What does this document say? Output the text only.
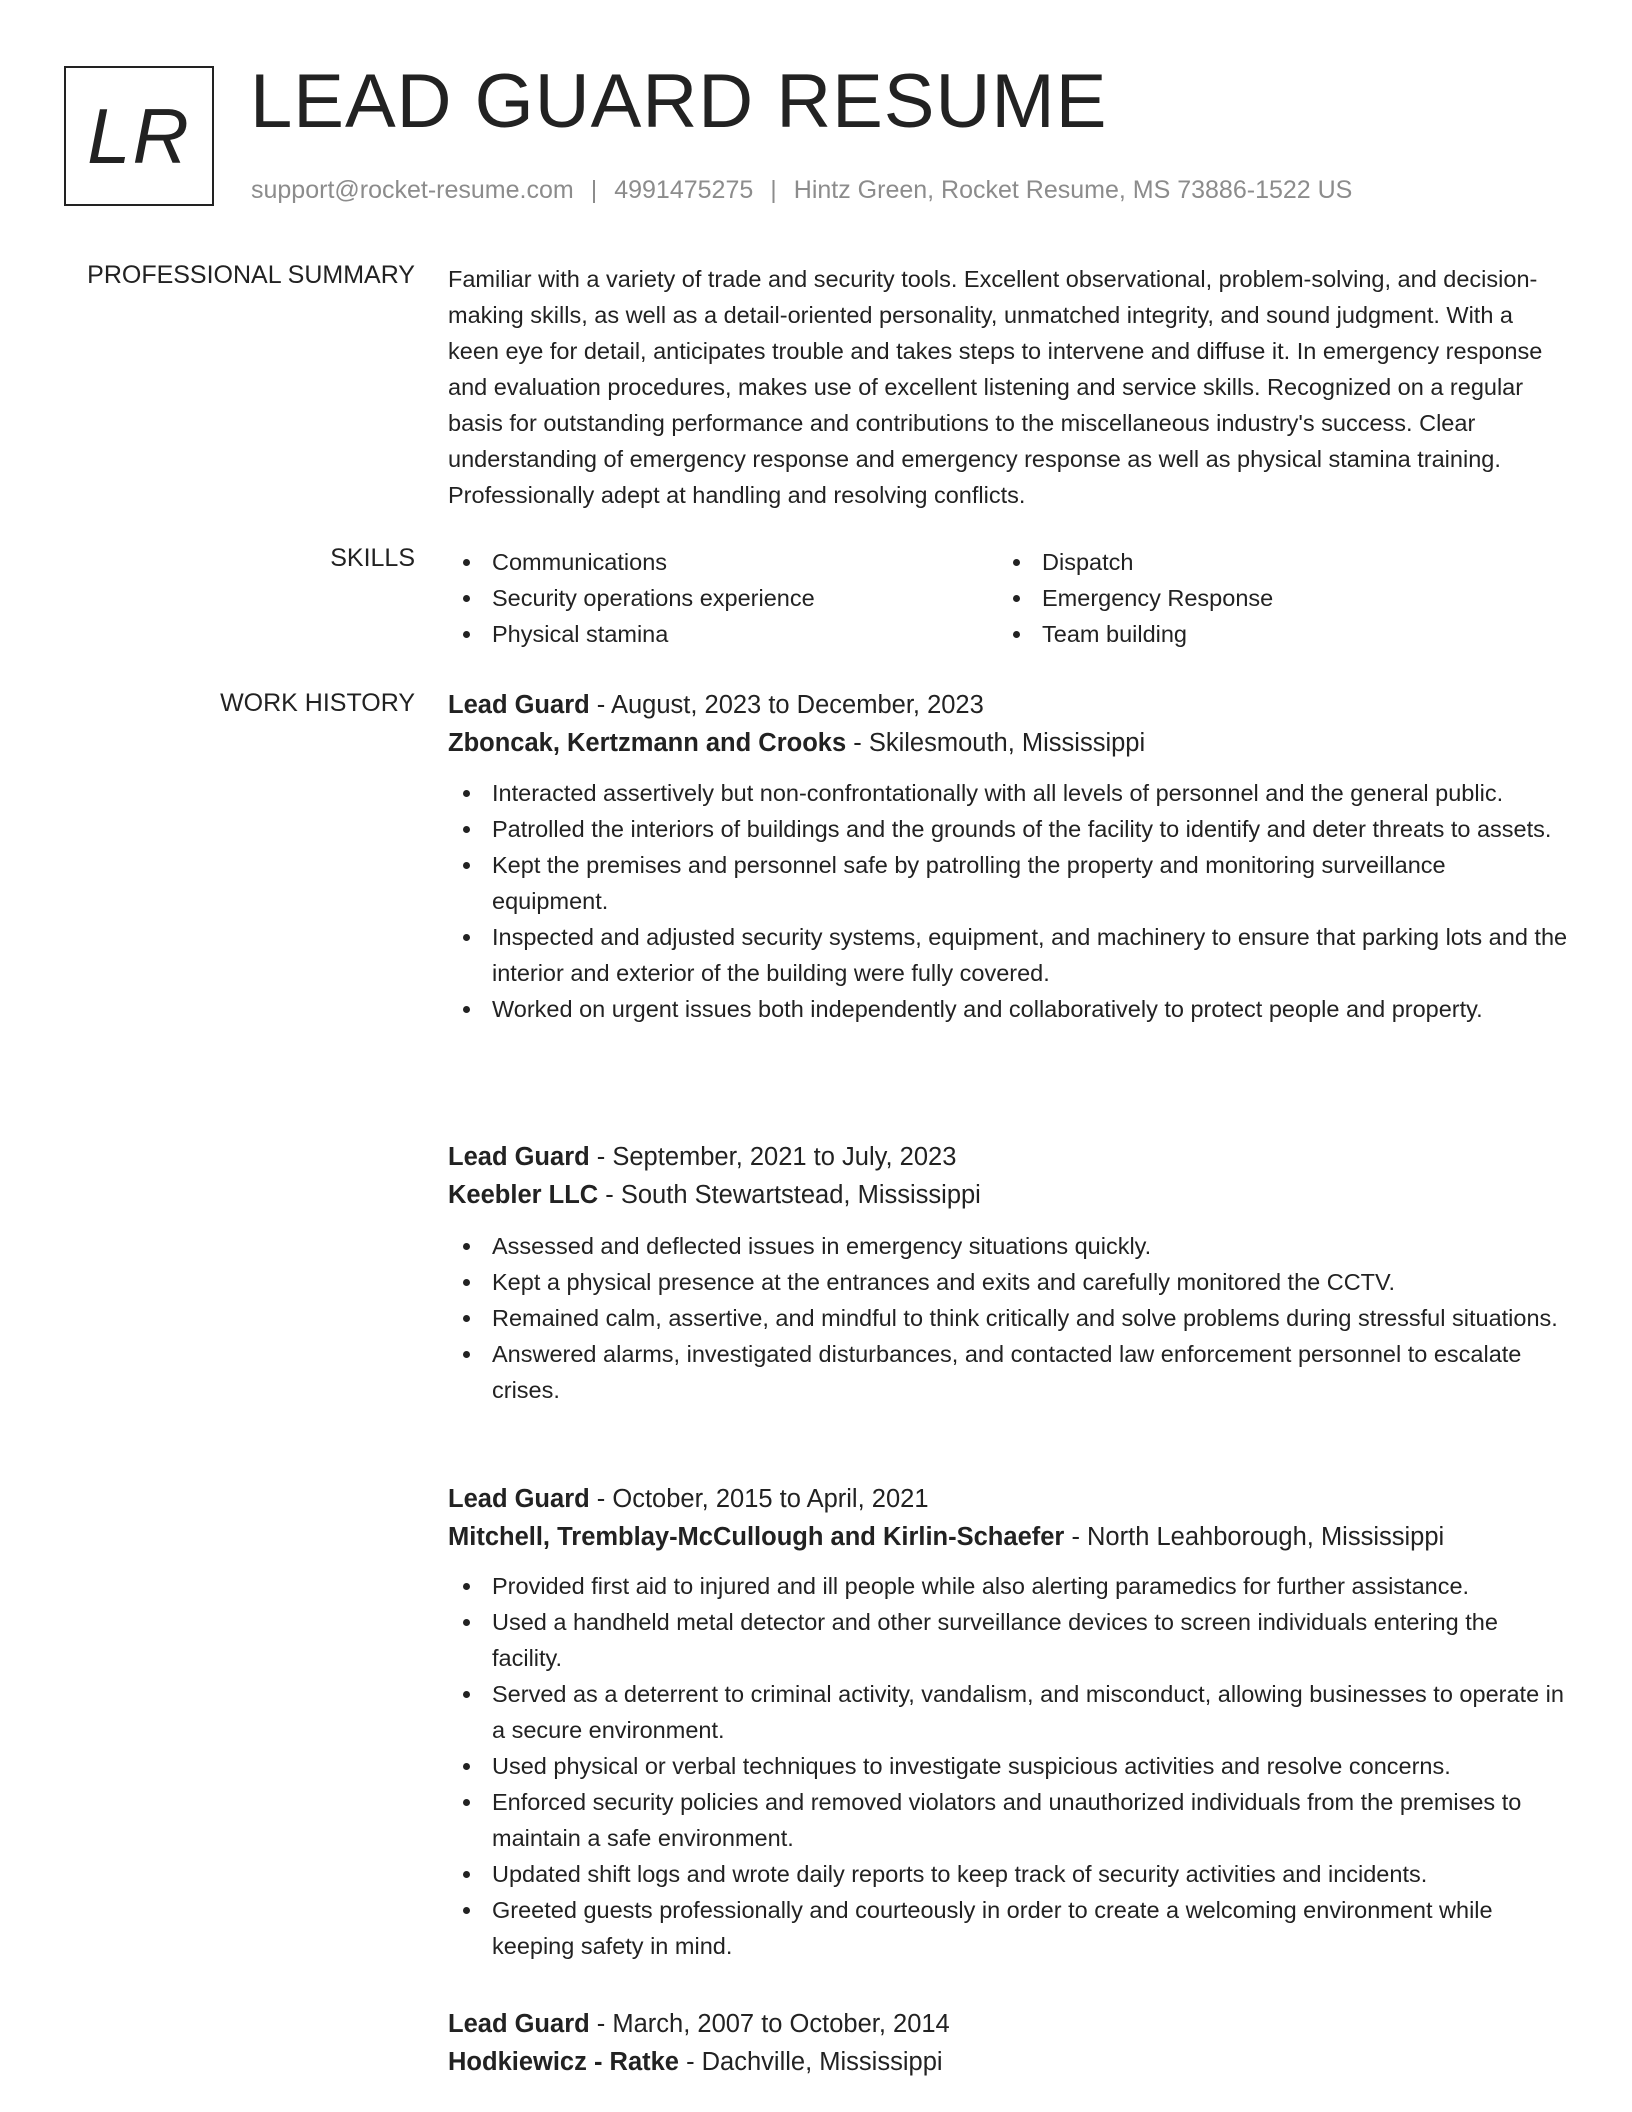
LR LEAD GUARD RESUME
support@rocket-resume.com | 4991475275 | Hintz Green, Rocket Resume, MS 73886-1522 US
PROFESSIONAL SUMMARY Familiar with a variety of trade and security tools. Excellent observational, problem-solving, and decision-making skills, as well as a detail-oriented personality, unmatched integrity, and sound judgment. With a keen eye for detail, anticipates trouble and takes steps to intervene and diffuse it. In emergency response and evaluation procedures, makes use of excellent listening and service skills. Recognized on a regular basis for outstanding performance and contributions to the miscellaneous industry's success. Clear understanding of emergency response and emergency response as well as physical stamina training. Professionally adept at handling and resolving conflicts.

SKILLS	Communications
Security operations experience
Physical stamina
Dispatch
Emergency Response
Team building
WORK HISTORY Lead Guard - August, 2023 to December, 2023
Zboncak, Kertzmann and Crooks - Skilesmouth, Mississippi
Interacted assertively but non-confrontationally with all levels of personnel and the general public.
Patrolled the interiors of buildings and the grounds of the facility to identify and deter threats to assets.
Kept the premises and personnel safe by patrolling the property and monitoring surveillance equipment.
Inspected and adjusted security systems, equipment, and machinery to ensure that parking lots and the interior and exterior of the building were fully covered.
Worked on urgent issues both independently and collaboratively to protect people and property.
Lead Guard - September, 2021 to July, 2023
Keebler LLC - South Stewartstead, Mississippi
Assessed and deflected issues in emergency situations quickly.
Kept a physical presence at the entrances and exits and carefully monitored the CCTV.
Remained calm, assertive, and mindful to think critically and solve problems during stressful situations.
Answered alarms, investigated disturbances, and contacted law enforcement personnel to escalate crises.
Lead Guard - October, 2015 to April, 2021
Mitchell, Tremblay-McCullough and Kirlin-Schaefer - North Leahborough, Mississippi
Provided first aid to injured and ill people while also alerting paramedics for further assistance.
Used a handheld metal detector and other surveillance devices to screen individuals entering the facility.
Served as a deterrent to criminal activity, vandalism, and misconduct, allowing businesses to operate in a secure environment.
Used physical or verbal techniques to investigate suspicious activities and resolve concerns.
Enforced security policies and removed violators and unauthorized individuals from the premises to maintain a safe environment.
Updated shift logs and wrote daily reports to keep track of security activities and incidents.
Greeted guests professionally and courteously in order to create a welcoming environment while keeping safety in mind.
Lead Guard - March, 2007 to October, 2014
Hodkiewicz - Ratke - Dachville, Mississippi
